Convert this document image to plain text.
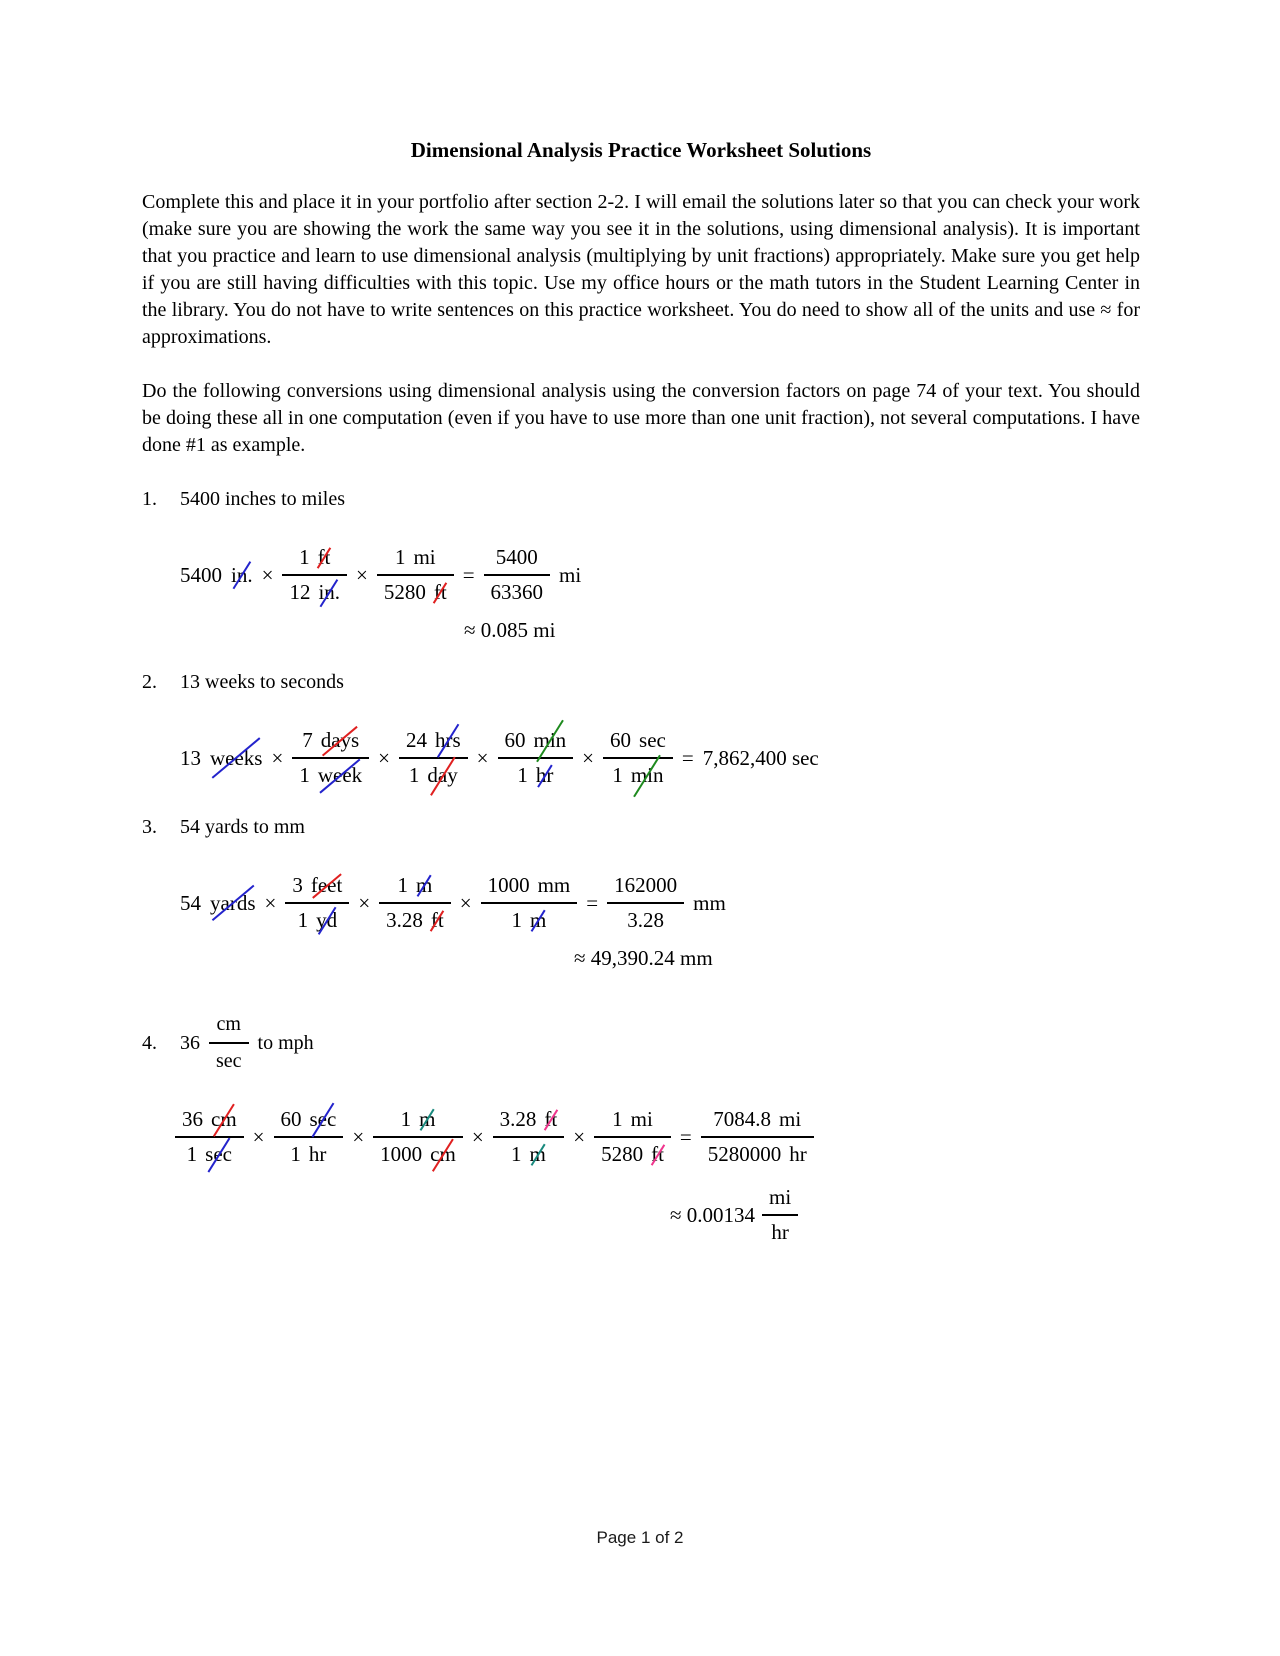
Dimensional Analysis Practice Worksheet Solutions

Complete this and place it in your portfolio after section 2-2. I will email the solutions later so that you can check your work (make sure you are showing the work the same way you see it in the solutions, using dimensional analysis). It is important that you practice and learn to use dimensional analysis (multiplying by unit fractions) appropriately. Make sure you get help if you are still having difficulties with this topic. Use my office hours or the math tutors in the Student Learning Center in the library. You do not have to write sentences on this practice worksheet. You do need to show all of the units and use ≈ for approximations.

Do the following conversions using dimensional analysis using the conversion factors on page 74 of your text. You should be doing these all in one computation (even if you have to use more than one unit fraction), not several computations. I have done #1 as example.

1.	5400 inches to miles
5400 in. × $\frac{1 ft}{12 in.} \times \frac{1 mi}{5280 ft} = \frac{5400}{63360}$ mi
≈ 0.085 mi
2.	13 weeks to seconds
13 weeks × $\frac{\text{7 days}}{\text{1 week}} \times \frac{\text{24 hrs}}{\text{1 day}} \times \frac{60 \min}{1 hr} \times \frac{60 \sec}{1 \min} = 7,862,400$ sec
3.	54 yards to mm
54 yards × $\frac{\text{3 feet}}{1 yd} \times \frac{1 m}{3.28 ft} \times \frac{1000 mm}{1 m} = \frac{162000}{3.28}$ mm
≈ 49,390.24 mm
4.	$36 \frac{cm}{\sec}$ to mph
$\frac{36 cm}{1 \sec} \times \frac{60 \sec}{1 hr} \times \frac{1 m}{1000 cm} \times \frac{3.28 ft}{1 m} \times \frac{1 mi}{5280 ft} = \frac{7084.8 mi}{5280000 hr}$
≈ $0.00134 \frac{mi}{hr}$
Page 1 of 2
